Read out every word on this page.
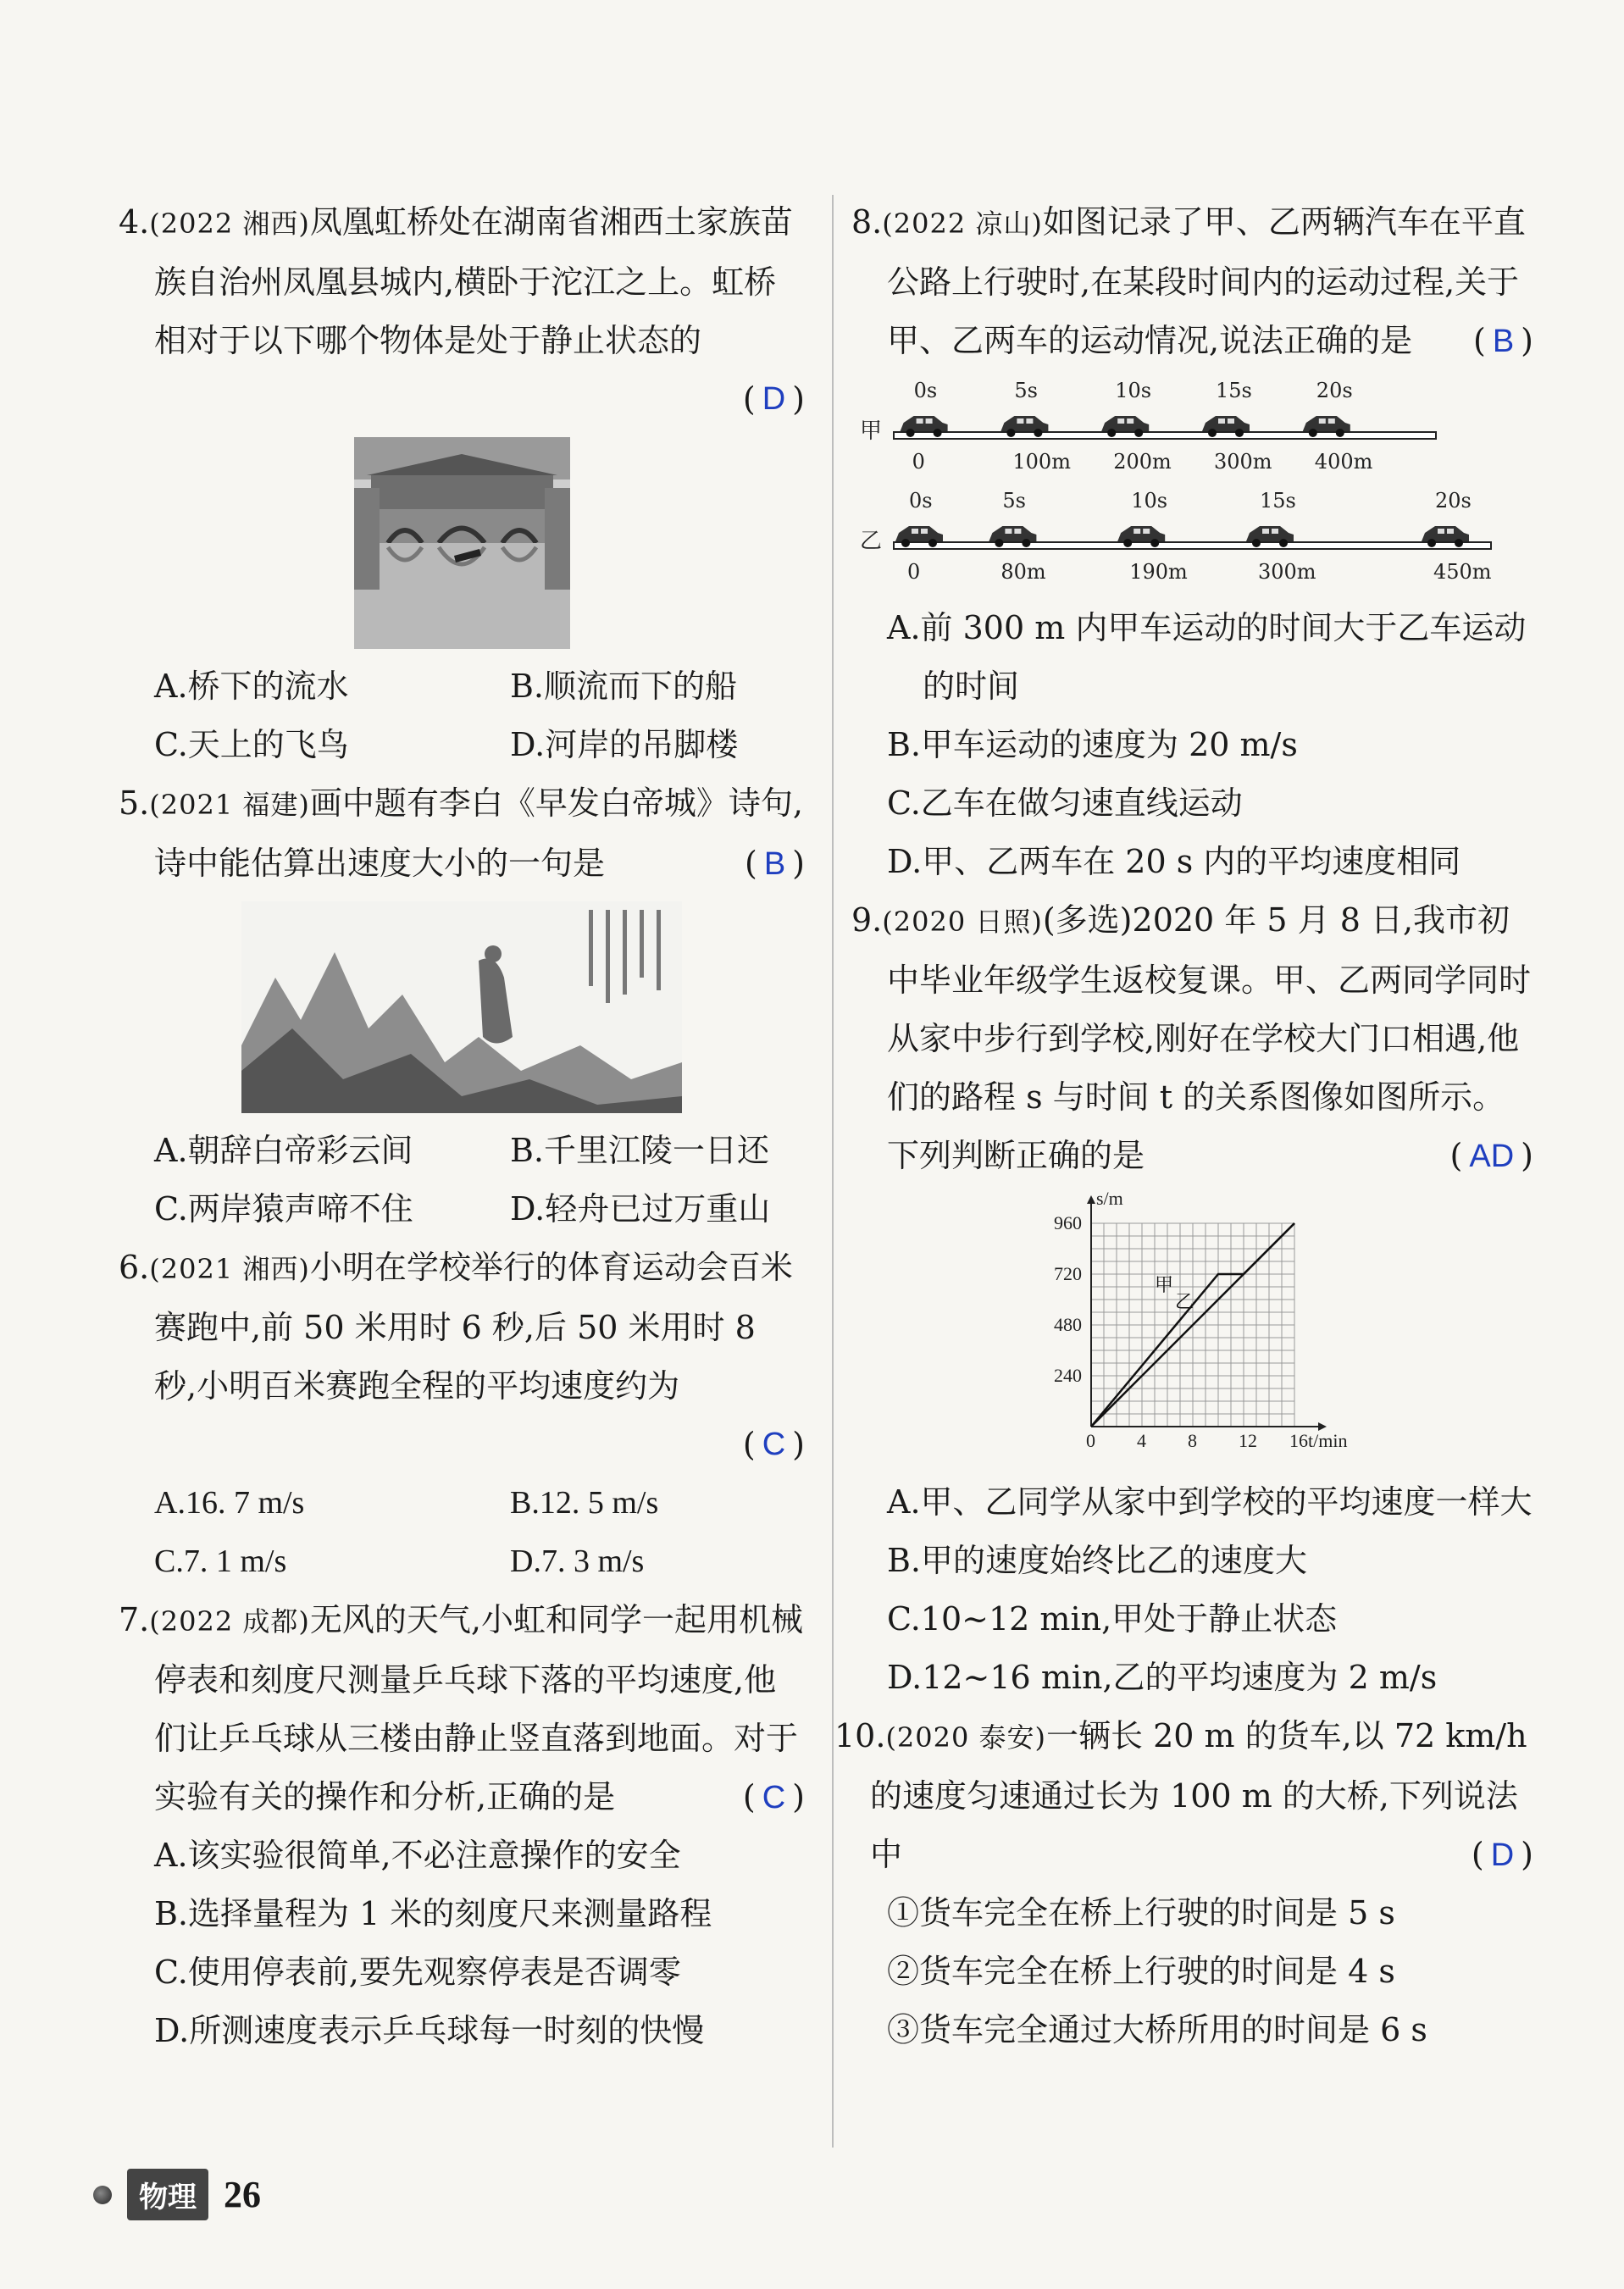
4.(2022 湘西)凤凰虹桥处在湖南省湘西土家族苗族自治州凤凰县城内,横卧于沱江之上。虹桥相对于以下哪个物体是处于静止状态的
( D )
A.桥下的流水	B.顺流而下的船
C.天上的飞鸟	D.河岸的吊脚楼
5.(2021 福建)画中题有李白《早发白帝城》诗句,诗中能估算出速度大小的一句是	( B )
A.朝辞白帝彩云间	B.千里江陵一日还
C.两岸猿声啼不住	D.轻舟已过万重山
6.(2021 湘西)小明在学校举行的体育运动会百米赛跑中,前 50 米用时 6 秒,后 50 米用时 8 秒,小明百米赛跑全程的平均速度约为
( C )
A.16. 7 m/s	B.12. 5 m/s
C.7. 1 m/s	D.7. 3 m/s
7.(2022 成都)无风的天气,小虹和同学一起用机械停表和刻度尺测量乒乓球下落的平均速度,他们让乒乓球从三楼由静止竖直落到地面。对于实验有关的操作和分析,正确的是	( C )
A.该实验很简单,不必注意操作的安全
B.选择量程为 1 米的刻度尺来测量路程
C.使用停表前,要先观察停表是否调零
D.所测速度表示乒乓球每一时刻的快慢
8.(2022 凉山)如图记录了甲、乙两辆汽车在平直公路上行驶时,在某段时间内的运动过程,关于甲、乙两车的运动情况,说法正确的是 ( B )
甲
乙
0s
0
5s
100m
10s
200m
15s
300m
20s
400m
0s
0
5s
80m
10s
190m
15s
300m
20s
450m
A.前 300 m 内甲车运动的时间大于乙车运动的时间
B.甲车运动的速度为 20 m/s
C.乙车在做匀速直线运动
D.甲、乙两车在 20 s 内的平均速度相同
9.(2020 日照)(多选)2020 年 5 月 8 日,我市初中毕业年级学生返校复课。甲、乙两同学同时从家中步行到学校,刚好在学校大门口相遇,他们的路程 s 与时间 t 的关系图像如图所示。下列判断正确的是	( AD )
0 4 8 12 16
240
480
720
960
s/m
t/min
甲
乙
A.甲、乙同学从家中到学校的平均速度一样大
B.甲的速度始终比乙的速度大
C.10~12 min,甲处于静止状态
D.12~16 min,乙的平均速度为 2 m/s
10.(2020 泰安)一辆长 20 m 的货车,以 72 km/h的速度匀速通过长为 100 m 的大桥,下列说法中	( D )
①货车完全在桥上行驶的时间是 5 s
②货车完全在桥上行驶的时间是 4 s
③货车完全通过大桥所用的时间是 6 s
物理 26
